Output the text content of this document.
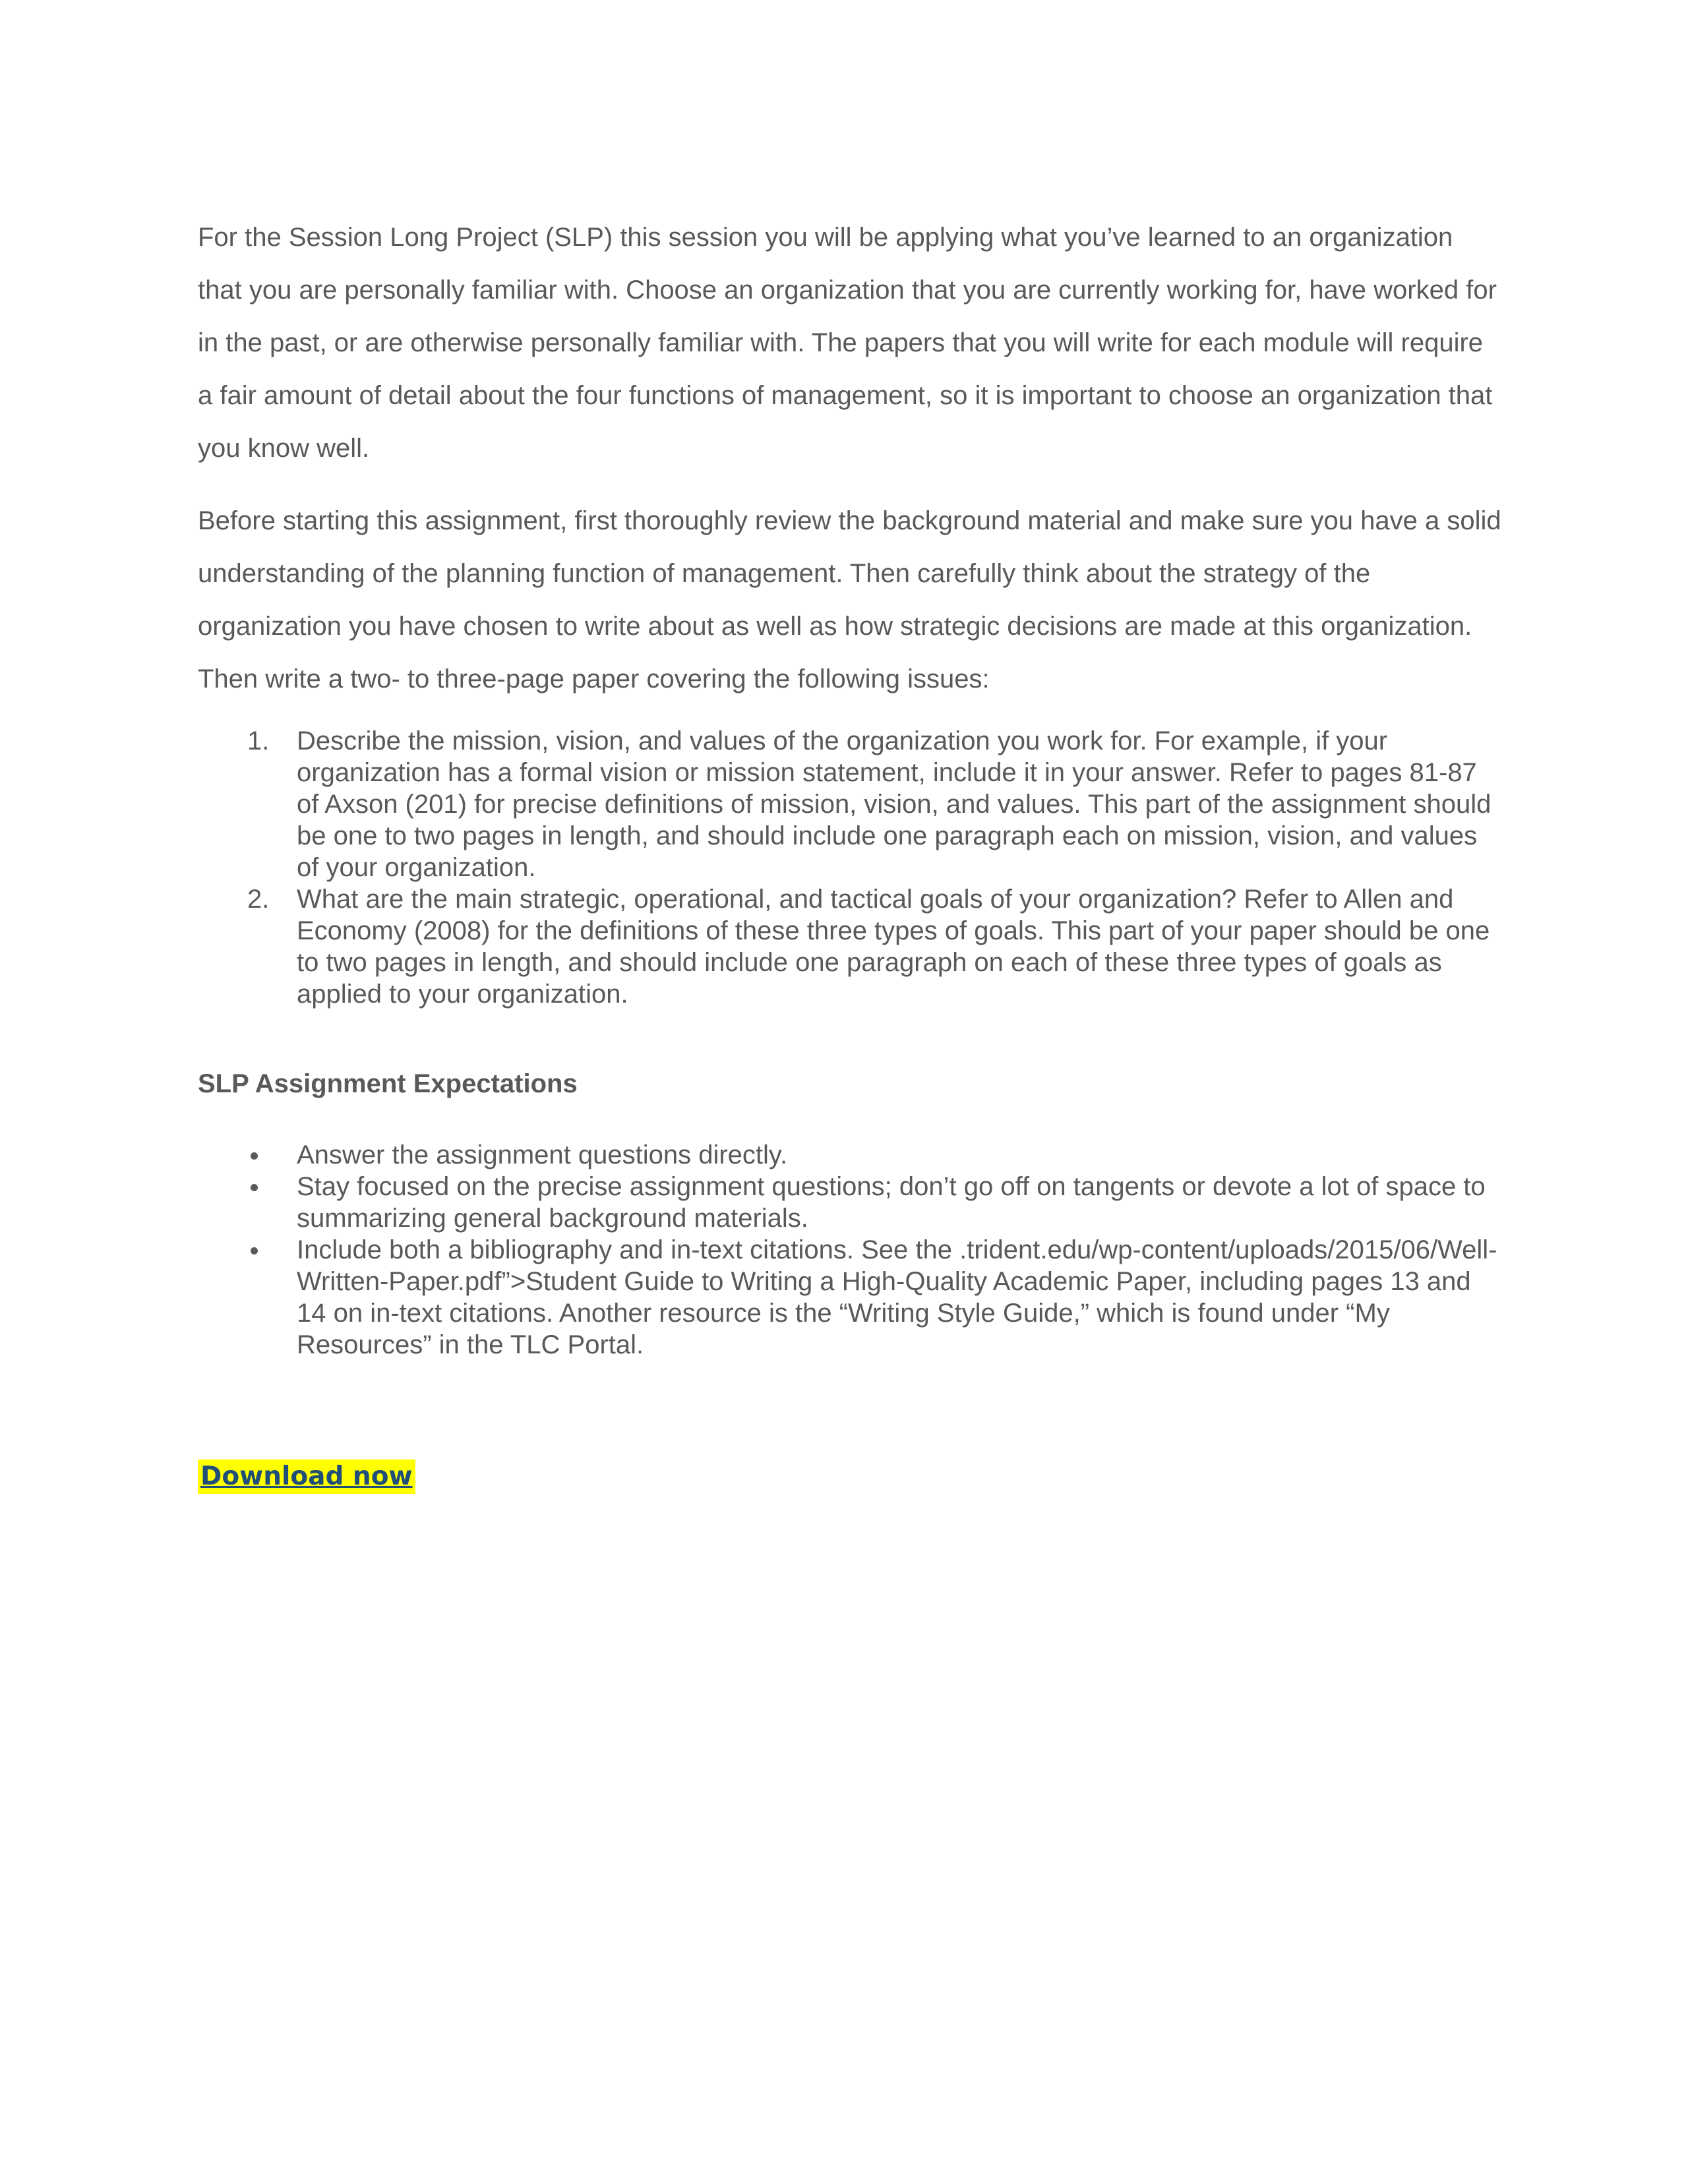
For the Session Long Project (SLP) this session you will be applying what you’ve learned to an organization that you are personally familiar with. Choose an organization that you are currently working for, have worked for in the past, or are otherwise personally familiar with. The papers that you will write for each module will require a fair amount of detail about the four functions of management, so it is important to choose an organization that you know well.

Before starting this assignment, first thoroughly review the background material and make sure you have a solid understanding of the planning function of management. Then carefully think about the strategy of the organization you have chosen to write about as well as how strategic decisions are made at this organization. Then write a two- to three-page paper covering the following issues:

1. Describe the mission, vision, and values of the organization you work for. For example, if your organization has a formal vision or mission statement, include it in your answer. Refer to pages 81-87 of Axson (201) for precise definitions of mission, vision, and values. This part of the assignment should be one to two pages in length, and should include one paragraph each on mission, vision, and values of your organization.
2. What are the main strategic, operational, and tactical goals of your organization? Refer to Allen and Economy (2008) for the definitions of these three types of goals. This part of your paper should be one to two pages in length, and should include one paragraph on each of these three types of goals as applied to your organization.
SLP Assignment Expectations
Answer the assignment questions directly.
Stay focused on the precise assignment questions; don’t go off on tangents or devote a lot of space to summarizing general background materials.
Include both a bibliography and in-text citations. See the .trident.edu/wp-content/uploads/2015/06/Well-Written-Paper.pdf”>Student Guide to Writing a High-Quality Academic Paper, including pages 13 and 14 on in-text citations. Another resource is the “Writing Style Guide,” which is found under “My Resources” in the TLC Portal.
Download now
